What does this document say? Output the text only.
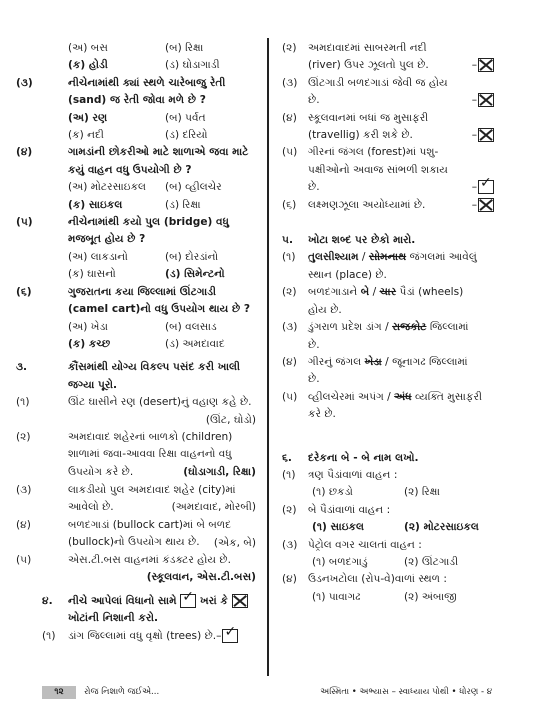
(અ) બસ	(બ) રિક્ષા
(ક) હોડી	(ડ) ઘોડાગાડી
(૩)	નીચેનામાંથી ક્યાં સ્થળે ચારેબાજુ રેતી (sand) જ રેતી જોવા મળે છે ?
(અ) રણ	(બ) પર્વત
(ક) નદી	(ડ) દરિયો
(૪)	ગામડાંની છોકરીઓ માટે શાળાએ જવા માટે કયું વાહન વધુ ઉપયોગી છે ?
(અ) મોટરસાઇકલ (બ) વ્હીલચેર
(ક) સાઇકલ	(ડ) રિક્ષા
(૫)	નીચેનામાંથી કયો પુલ (bridge) વધુ મજબૂત હોય છે ?
(અ) લાકડાનો	(બ) દોરડાંનો
(ક) ઘાસનો	(ડ) સિમેન્ટનો
(૬)	ગુજરાતના કયા જિલ્લામાં ઊંટગાડી (camel cart)નો વધુ ઉપયોગ થાય છે ?
(અ) ખેડા	(બ) વલસાડ
(ક) કચ્છ	(ડ) અમદાવાદ
૩.	કૌંસમાંથી યોગ્ય વિકલ્પ પસંદ કરી ખાલી જગ્યા પૂરો.
(૧)	ઊંટ ઘાસીને રણ (desert)નું વહાણ કહે છે.
(ઊંટ, ઘોડો)
(૨)	અમદાવાદ શહેરનાં બાળકો (children) શાળામાં જવા-આવવા રિક્ષા વાહનનો વધુ ઉપયોગ કરે છે.	(ઘોડાગાડી, રિક્ષા)
(૩)	લાકડીયો પુલ અમદાવાદ શહેર (city)માં આવેલો છે.	(અમદાવાદ, મોરબી)
(૪)	બળદગાડાં (bullock cart)માં બે બળદ (bullock)નો ઉપયોગ થાય છે.	(એક, બે)
(૫)	એસ.ટી.બસ વાહનમાં કંડક્ટર હોય છે.
(સ્કૂલવાન, એસ.ટી.બસ)
૪. નીચે આપેલાં વિધાનો સામે ✓ ખરાં કે
ખોટાંની નિશાની કરો.
(૧) ડાંગ જિલ્લામાં વધુ વૃક્ષો (trees) છે.–✓
(૨) અમદાવાદમાં સાબરમતી નદી
(river) ઉપર ઝૂલતો પુલ છે.	–
(૩) ઊંટગાડી બળદગાડાં જેવી જ હોય
છે.	–
(૪) સ્કૂલવાનમાં બધાં જ મુસાફરી
(travellig) કરી શકે છે.	–
(૫) ગીરનાં જંગલ (forest)માં પશુ-
પક્ષીઓનો અવાજ સાંભળી શકાય
છે.	–✓
(૬) લક્ષ્મણઝૂલા અયોધ્યામાં છે.	–
૫. ખોટા શબ્દ પર છેકો મારો.
(૧) તુલસીશ્યામ / સોમનાથ જંગલમાં આવેલું
સ્થાન (place) છે.
(૨) બળદગાડાને બે / ચાર પૈડાં (wheels)
હોય છે.
(૩) ડુંગરાળ પ્રદેશ ડાંગ / રાજકોટ જિલ્લામાં
છે.
(૪) ગીરનું જંગલ ખેડા / જૂનાગઢ જિલ્લામાં
છે.
(૫) વ્હીલચેરમાં અપંગ / અંધ વ્યક્તિ મુસાફરી
કરે છે.
૬. દરેકના બે - બે નામ લખો.
(૧) ત્રણ પૈડાંવાળાં વાહન :
(૧) છકડો	(૨) રિક્ષા
(૨) બે પૈડાંવાળાં વાહન :
(૧) સાઇકલ	(૨) મોટરસાઇકલ
(૩) પેટ્રોલ વગર ચાલતાં વાહન :
(૧) બળદગાડું	(૨) ઊંટગાડી
(૪) ઉડનખટોલા (રોપ-વે)વાળાં સ્થળ :
(૧) પાવાગઢ	(૨) અંબાજી
૧૨	રોજ નિશાળે જઈએ...	અસ્મિતા • અભ્યાસ – સ્વાધ્યાય પોથી • ધોરણ - ૪
